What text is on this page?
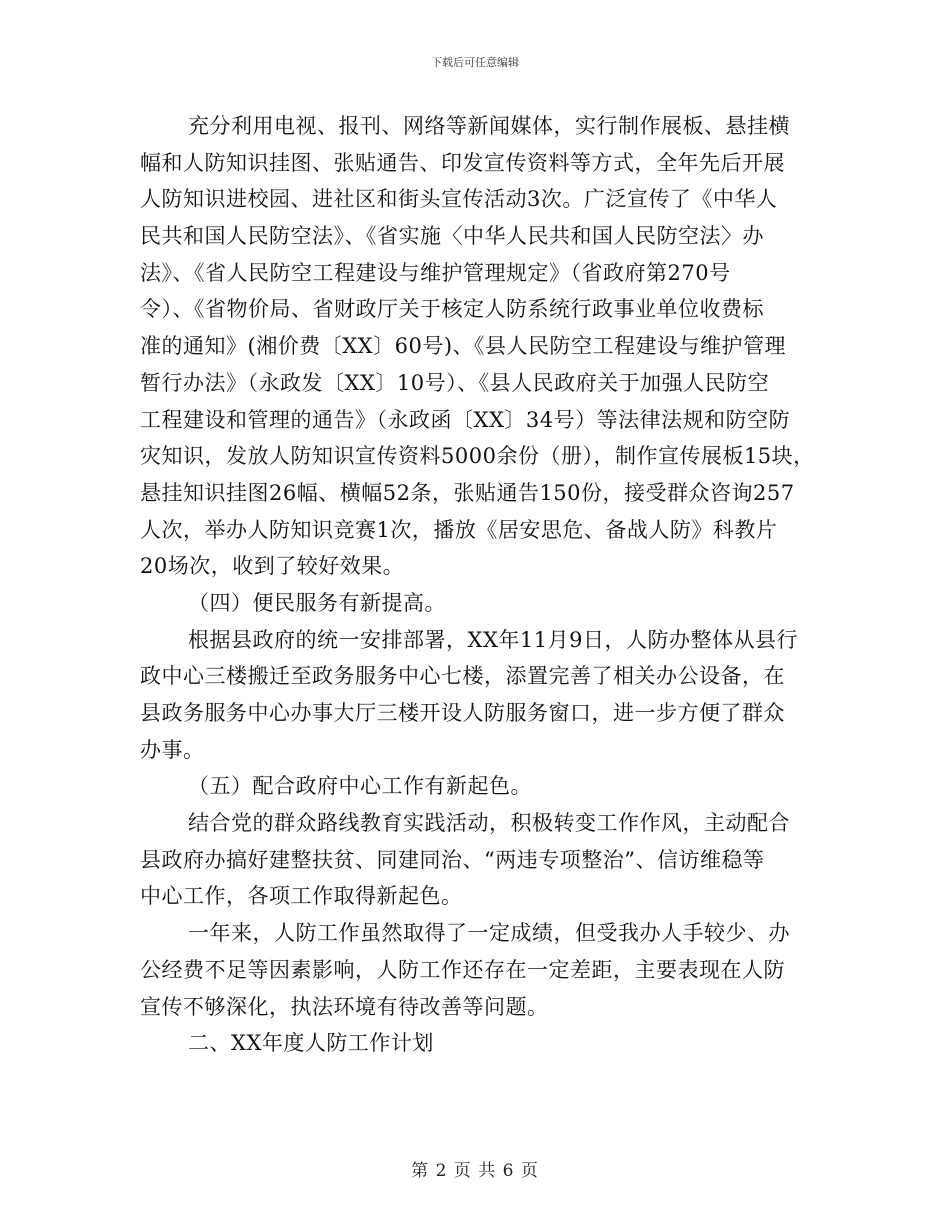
下载后可任意编辑
充分利用电视、报刊、网络等新闻媒体，实行制作展板、悬挂横
幅和人防知识挂图、张贴通告、印发宣传资料等方式，全年先后开展
人防知识进校园、进社区和街头宣传活动3次。广泛宣传了《中华人
民共和国人民防空法》、《省实施〈中华人民共和国人民防空法〉办
法》、《省人民防空工程建设与维护管理规定》（省政府第270号
令）、《省物价局、省财政厅关于核定人防系统行政事业单位收费标
准的通知》(湘价费〔XX〕60号)、《县人民防空工程建设与维护管理
暂行办法》（永政发〔XX〕10号）、《县人民政府关于加强人民防空
工程建设和管理的通告》（永政函〔XX〕34号）等法律法规和防空防
灾知识，发放人防知识宣传资料5000余份（册），制作宣传展板15块，
悬挂知识挂图26幅、横幅52条，张贴通告150份，接受群众咨询257
人次，举办人防知识竞赛1次，播放《居安思危、备战人防》科教片
20场次，收到了较好效果。
（四）便民服务有新提高。
根据县政府的统一安排部署，XX年11月9日，人防办整体从县行
政中心三楼搬迁至政务服务中心七楼，添置完善了相关办公设备，在
县政务服务中心办事大厅三楼开设人防服务窗口，进一步方便了群众
办事。
（五）配合政府中心工作有新起色。
结合党的群众路线教育实践活动，积极转变工作作风，主动配合
县政府办搞好建整扶贫、同建同治、“两违专项整治”、信访维稳等
中心工作，各项工作取得新起色。
一年来，人防工作虽然取得了一定成绩，但受我办人手较少、办
公经费不足等因素影响，人防工作还存在一定差距，主要表现在人防
宣传不够深化，执法环境有待改善等问题。
二、XX年度人防工作计划
第 2 页 共 6 页
